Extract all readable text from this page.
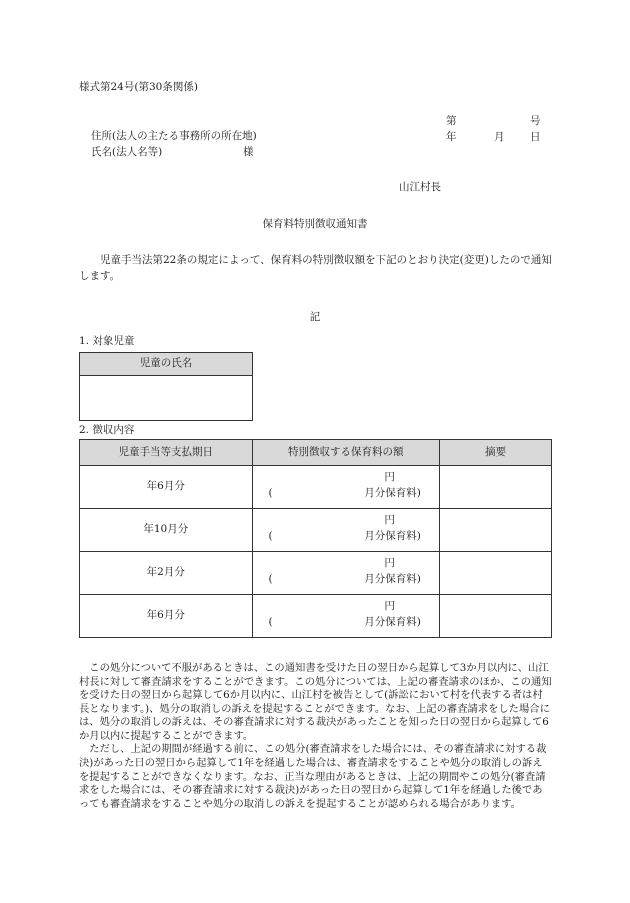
様式第24号(第30条関係)
第	号
年	月 日
住所(法人の主たる事務所の所在地)
氏名(法人名等)	様
山江村長
保育料特別徴収通知書
児童手当法第22条の規定によって、保育料の特別徴収額を下記のとおり決定(変更)したので通知します。
記
1. 対象児童
児童の氏名

2. 徴収内容
児童手当等支払期日	特別徴収する保育料の額	摘要
年6月分	円
( 月分保育料)	

年10月分	円
( 月分保育料)	

年2月分	円
( 月分保育料)	

年6月分	円
( 月分保育料)	

この処分について不服があるときは、この通知書を受けた日の翌日から起算して3か月以内に、山江村長に対して審査請求をすることができます。この処分については、上記の審査請求のほか、この通知を受けた日の翌日から起算して6か月以内に、山江村を被告として(訴訟において村を代表する者は村長となります。)、処分の取消しの訴えを提起することができます。なお、上記の審査請求をした場合には、処分の取消しの訴えは、その審査請求に対する裁決があったことを知った日の翌日から起算して6か月以内に提起することができます。

ただし、上記の期間が経過する前に、この処分(審査請求をした場合には、その審査請求に対する裁決)があった日の翌日から起算して1年を経過した場合は、審査請求をすることや処分の取消しの訴えを提起することができなくなります。なお、正当な理由があるときは、上記の期間やこの処分(審査請求をした場合には、その審査請求に対する裁決)があった日の翌日から起算して1年を経過した後であっても審査請求をすることや処分の取消しの訴えを提起することが認められる場合があります。
